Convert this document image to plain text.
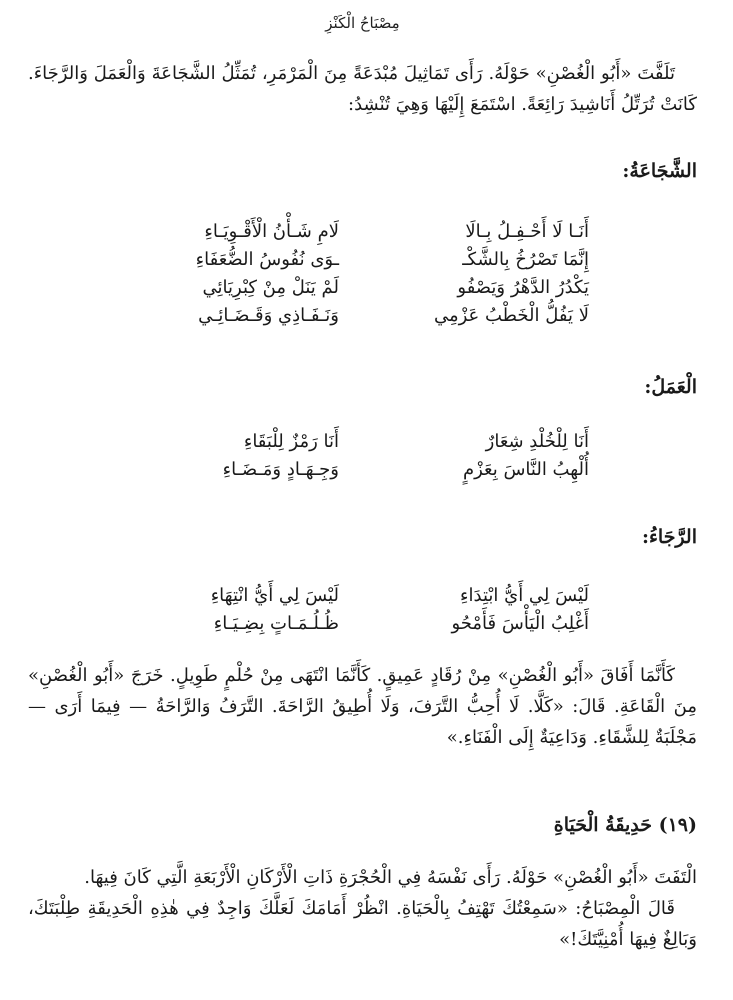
مِصْبَاحُ الْكَنْزِ
تَلَفَّتَ «أَبُو الْغُصْنِ» حَوْلَهُ. رَأَى تَمَاثِيلَ مُبْدَعَةً مِنَ الْمَرْمَرِ، تُمَثِّلُ الشَّجَاعَةَ وَالْعَمَلَ وَالرَّجَاءَ. كَانَتْ تُرَتِّلُ أَنَاشِيدَ رَائِعَةً. اسْتَمَعَ إِلَيْهَا وَهِيَ تُنْشِدُ:
الشَّجَاعَةُ:
أَنَـا لَا أَحْـفِـلُ بِـالَا
لَامِ شَـأْنُ الْأَقْـوِيَـاءِ
إِنَّمَا تَصْرُخُ بِالشَّكْـ
ـوَى نُفُوسُ الضُّعَفَاءِ
يَكْدُرُ الدَّهْرُ وَيَصْفُو
لَمْ يَنَلْ مِنْ كِبْرِيَائِي
لَا يَفُلُّ الْخَطْبُ عَزْمِي
وَنَـفَـاذِي وَقَـضَـائِـي
الْعَمَلُ:
أَنَا لِلْخُلْدِ شِعَارٌ
أَنَا رَمْزٌ لِلْبَقَاءِ
أُلْهِبُ النَّاسَ بِعَزْمٍ
وَجِـهَـادٍ وَمَـضَـاءِ
الرَّجَاءُ:
لَيْسَ لِي أَيُّ ابْتِدَاءِ
لَيْسَ لِي أَيُّ انْتِهَاءِ
أَغْلِبُ الْيَأْسَ فَأَمْحُو
ظُـلُـمَـاتٍ بِضِـيَـاءِ
كَأَنَّمَا أَفَاقَ «أَبُو الْغُصْنِ» مِنْ رُقَادٍ عَمِيقٍ. كَأَنَّمَا انْتَهَى مِنْ حُلْمٍ طَوِيلٍ. خَرَجَ «أَبُو الْغُصْنِ» مِنَ الْقَاعَةِ. قَالَ: «كَلَّا. لَا أُحِبُّ التَّرَفَ، وَلَا أُطِيقُ الرَّاحَةَ. التَّرَفُ وَالرَّاحَةُ — فِيمَا أَرَى — مَجْلَبَةٌ لِلشَّقَاءِ. وَدَاعِيَةٌ إِلَى الْفَنَاءِ.»
(١٩) حَدِيقَةُ الْحَيَاةِ
الْتَفَتَ «أَبُو الْغُصْنِ» حَوْلَهُ. رَأَى نَفْسَهُ فِي الْحُجْرَةِ ذَاتِ الْأَرْكَانِ الْأَرْبَعَةِ الَّتِي كَانَ فِيهَا.
قَالَ الْمِصْبَاحُ: «سَمِعْتُكَ تَهْتِفُ بِالْحَيَاةِ. انْظُرْ أَمَامَكَ لَعَلَّكَ وَاجِدٌ فِي هٰذِهِ الْحَدِيقَةِ طِلْبَتَكَ، وَبَالِغٌ فِيهَا أُمْنِيَّتَكَ!»
